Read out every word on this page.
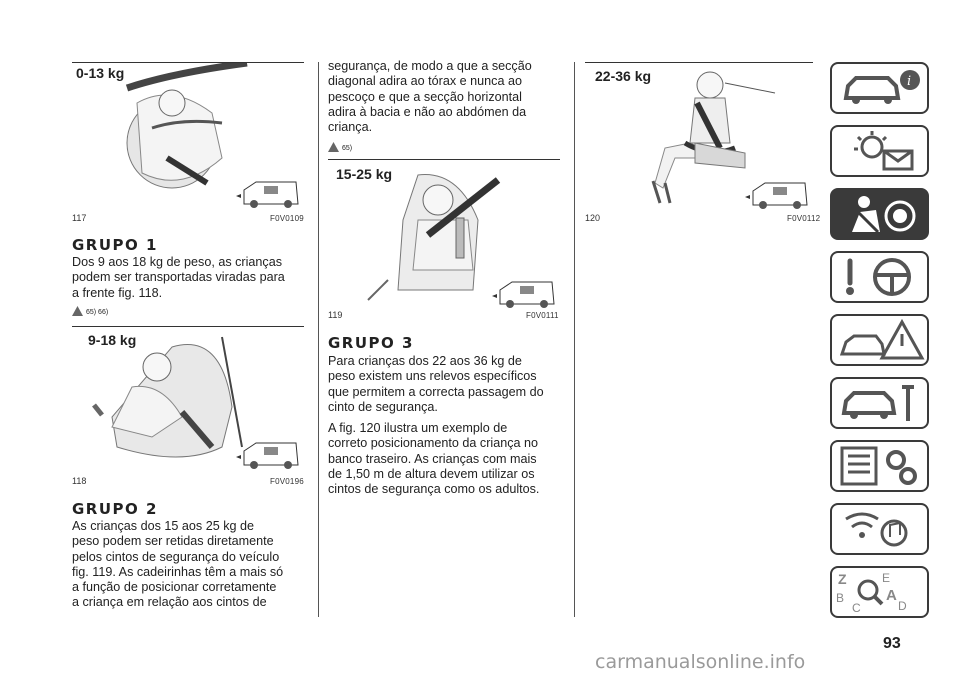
0-13 kg
117	F0V0109
GRUPO 1

Dos 9 aos 18 kg de peso, as crianças
podem ser transportadas viradas para
a frente fig. 118.

65) 66)
9-18 kg
118	F0V0196
GRUPO 2

As crianças dos 15 aos 25 kg de
peso podem ser retidas diretamente
pelos cintos de segurança do veículo
fig. 119. As cadeirinhas têm a mais só
a função de posicionar corretamente
a criança em relação aos cintos de

segurança, de modo a que a secção
diagonal adira ao tórax e nunca ao
pescoço e que a secção horizontal
adira à bacia e não ao abdómen da
criança.

65)
15-25 kg
119	F0V0111
GRUPO 3

Para crianças dos 22 aos 36 kg de
peso existem uns relevos específicos
que permitem a correcta passagem do
cinto de segurança.

A fig. 120 ilustra um exemplo de
correto posicionamento da criança no
banco traseiro. As crianças com mais
de 1,50 m de altura devem utilizar os
cintos de segurança como os adultos.

22-36 kg
120	F0V0112
i
Z	E
B	A
C	D
93
carmanualsonline.info
